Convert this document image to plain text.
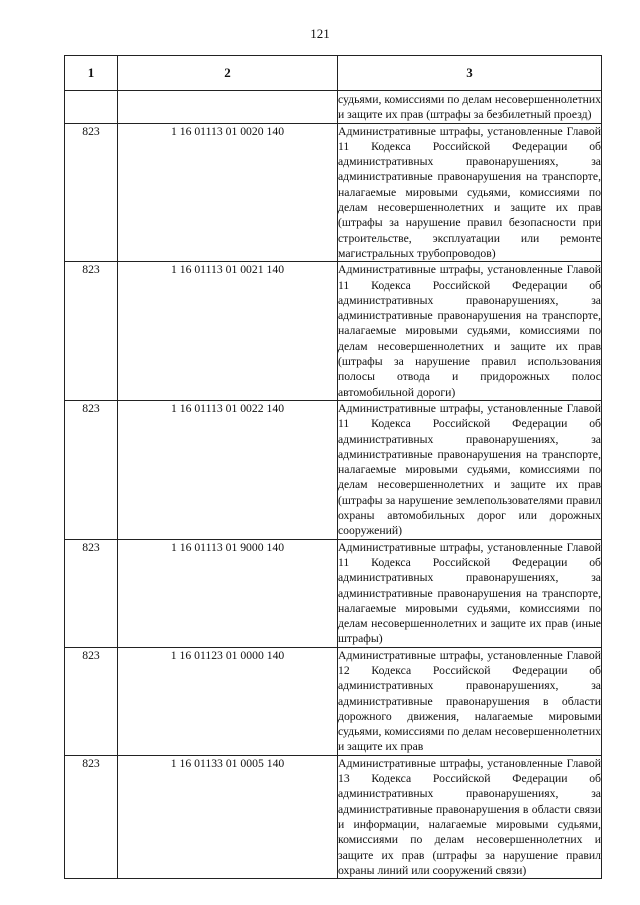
121
1	2	3
		судьями, комиссиями по делам несовершеннолетних и защите их прав (штрафы за безбилетный проезд)
823	1 16 01113 01 0020 140	Административные штрафы, установленные Главой 11 Кодекса Российской Федерации об административных правонарушениях, за административные правонарушения на транспорте, налагаемые мировыми судьями, комиссиями по делам несовершеннолетних и защите их прав (штрафы за нарушение правил безопасности при строительстве, эксплуатации или ремонте магистральных трубопроводов)
823	1 16 01113 01 0021 140	Административные штрафы, установленные Главой 11 Кодекса Российской Федерации об административных правонарушениях, за административные правонарушения на транспорте, налагаемые мировыми судьями, комиссиями по делам несовершеннолетних и защите их прав (штрафы за нарушение правил использования полосы отвода и придорожных полос автомобильной дороги)
823	1 16 01113 01 0022 140	Административные штрафы, установленные Главой 11 Кодекса Российской Федерации об административных правонарушениях, за административные правонарушения на транспорте, налагаемые мировыми судьями, комиссиями по делам несовершеннолетних и защите их прав (штрафы за нарушение землепользователями правил охраны автомобильных дорог или дорожных сооружений)
823	1 16 01113 01 9000 140	Административные штрафы, установленные Главой 11 Кодекса Российской Федерации об административных правонарушениях, за административные правонарушения на транспорте, налагаемые мировыми судьями, комиссиями по делам несовершеннолетних и защите их прав (иные штрафы)
823	1 16 01123 01 0000 140	Административные штрафы, установленные Главой 12 Кодекса Российской Федерации об административных правонарушениях, за административные правонарушения в области дорожного движения, налагаемые мировыми судьями, комиссиями по делам несовершеннолетних и защите их прав
823	1 16 01133 01 0005 140	Административные штрафы, установленные Главой 13 Кодекса Российской Федерации об административных правонарушениях, за административные правонарушения в области связи и информации, налагаемые мировыми судьями, комиссиями по делам несовершеннолетних и защите их прав (штрафы за нарушение правил охраны линий или сооружений связи)
